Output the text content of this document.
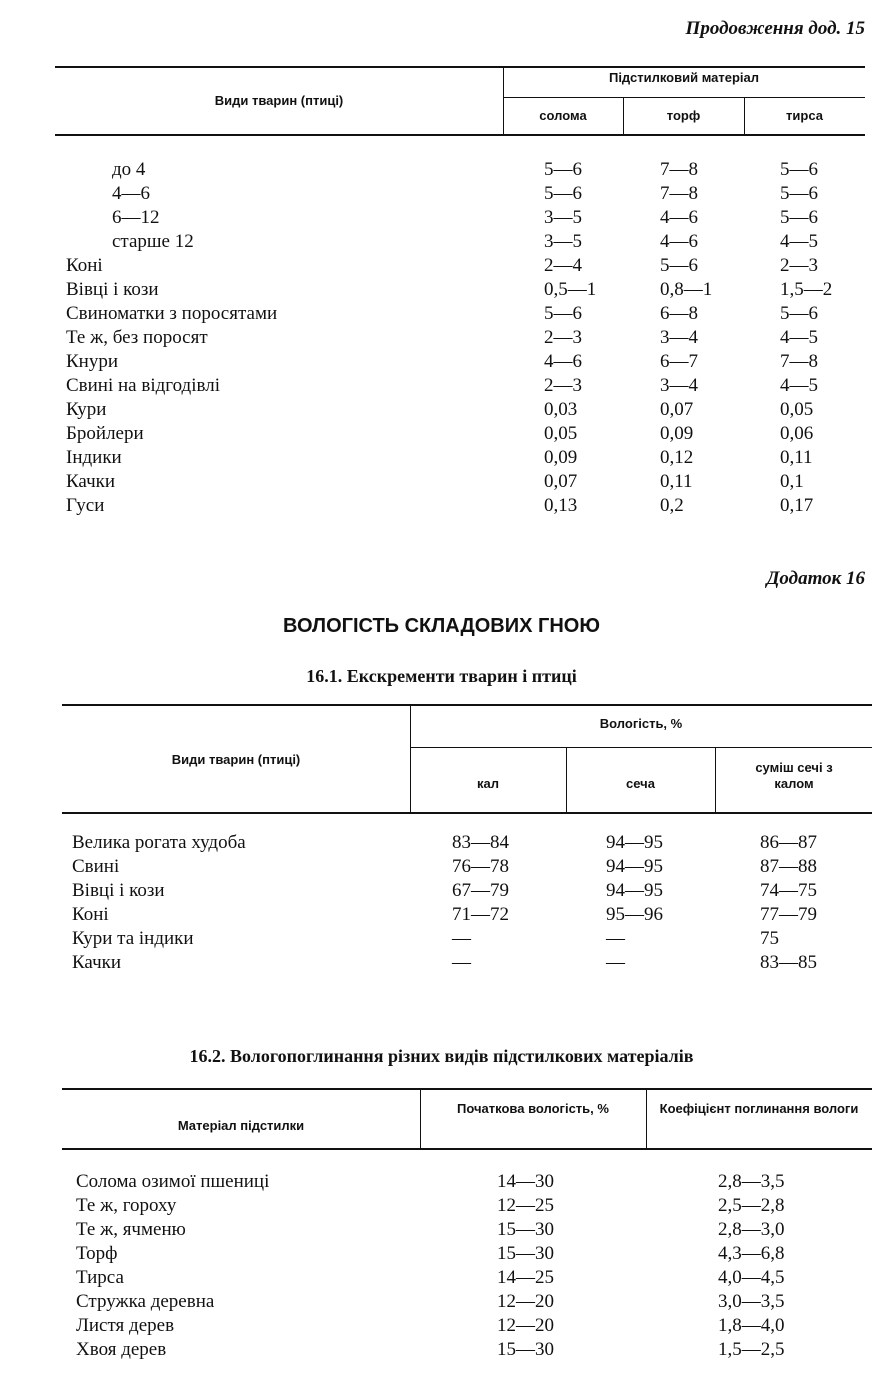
Продовження дод. 15
Види тварин (птиці)
Підстилковий матеріал
солома	торф	тирса
до 4	5—6	7—8	5—6
4—6	5—6	7—8	5—6
6—12	3—5	4—6	5—6
старше 12	3—5	4—6	4—5
Коні	2—4	5—6	2—3
Вівці і кози	0,5—1	0,8—1	1,5—2
Свиноматки з поросятами	5—6	6—8	5—6
Те ж, без поросят	2—3	3—4	4—5
Кнури	4—6	6—7	7—8
Свині на відгодівлі	2—3	3—4	4—5
Кури	0,03	0,07	0,05
Бройлери	0,05	0,09	0,06
Індики	0,09	0,12	0,11
Качки	0,07	0,11	0,1
Гуси	0,13	0,2	0,17
Додаток 16
ВОЛОГІСТЬ СКЛАДОВИХ ГНОЮ
16.1. Екскременти тварин і птиці
Види тварин (птиці)
Вологість, %
кал	сеча
суміш сечі з калом
Велика рогата худоба	83—84	94—95	86—87
Свині	76—78	94—95	87—88
Вівці і кози	67—79	94—95	74—75
Коні	71—72	95—96	77—79
Кури та індики	—	—	75
Качки	—	—	83—85
16.2. Вологопоглинання різних видів підстилкових матеріалів
Матеріал підстилки
Початкова вологість, %	Коефіцієнт поглинання вологи
Солома озимої пшениці	14—30	2,8—3,5
Те ж, гороху	12—25	2,5—2,8
Те ж, ячменю	15—30	2,8—3,0
Торф	15—30	4,3—6,8
Тирса	14—25	4,0—4,5
Стружка деревна	12—20	3,0—3,5
Листя дерев	12—20	1,8—4,0
Хвоя дерев	15—30	1,5—2,5
